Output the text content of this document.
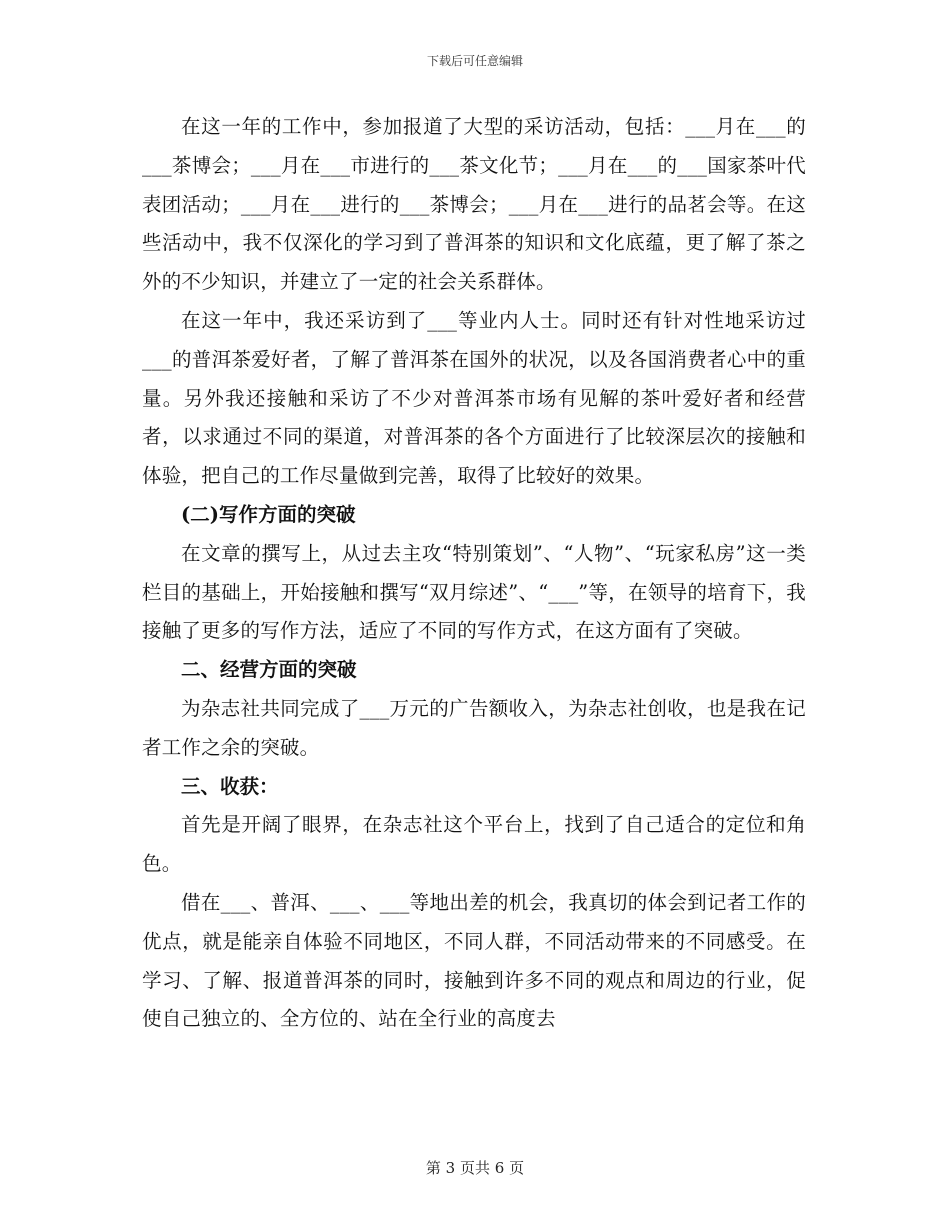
下载后可任意编辑

在这一年的工作中，参加报道了大型的采访活动，包括：___月在___的___茶博会；___月在___市进行的___茶文化节；___月在___的___国家茶叶代表团活动；___月在___进行的___茶博会；___月在___进行的品茗会等。在这些活动中，我不仅深化的学习到了普洱茶的知识和文化底蕴，更了解了茶之外的不少知识，并建立了一定的社会关系群体。

在这一年中，我还采访到了___等业内人士。同时还有针对性地采访过___的普洱茶爱好者，了解了普洱茶在国外的状况，以及各国消费者心中的重量。另外我还接触和采访了不少对普洱茶市场有见解的茶叶爱好者和经营者，以求通过不同的渠道，对普洱茶的各个方面进行了比较深层次的接触和体验，把自己的工作尽量做到完善，取得了比较好的效果。

(二)写作方面的突破

在文章的撰写上，从过去主攻“特别策划”、“人物”、“玩家私房”这一类栏目的基础上，开始接触和撰写“双月综述”、“___”等，在领导的培育下，我接触了更多的写作方法，适应了不同的写作方式，在这方面有了突破。

二、经营方面的突破

为杂志社共同完成了___万元的广告额收入，为杂志社创收，也是我在记者工作之余的突破。

三、收获：

首先是开阔了眼界，在杂志社这个平台上，找到了自己适合的定位和角色。

借在___、普洱、___、___等地出差的机会，我真切的体会到记者工作的优点，就是能亲自体验不同地区，不同人群，不同活动带来的不同感受。在学习、了解、报道普洱茶的同时，接触到许多不同的观点和周边的行业，促使自己独立的、全方位的、站在全行业的高度去

第 3 页共 6 页
